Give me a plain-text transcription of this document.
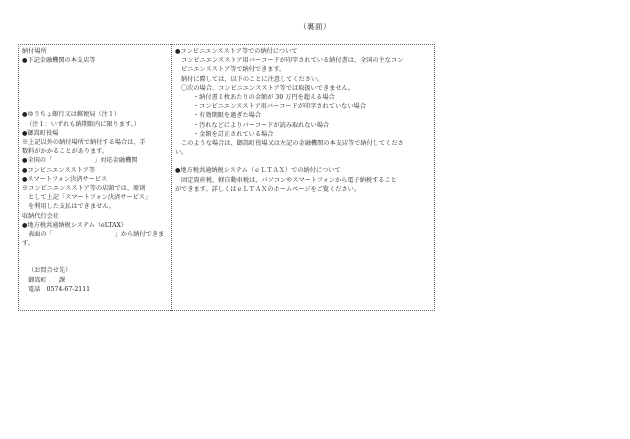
（裏面）
納付場所
●下記金融機関の本支店等
●ゆうちょ銀行又は郵便局（注１）
（注１：いずれも納期限内に限ります。）
●御嵩町役場
※上記以外の納付場所で納付する場合は、手
数料がかかることがあります。
●全国の「	」対応金融機関
●コンビニエンスストア等
●スマートフォン決済サービス
※コンビニエンスストア等の店頭では、原則
として上記「スマートフォン決済サービス」
を利用した支払はできません。
収納代行会社
●地方税共通納税システム（eLTAX）
表面の「	」から納付できま
す。
（お問合せ先）
御嵩町　　課
電話　0574-67-2111
●コンビニエンスストア等での納付について
コンビニエンスストア用バーコードが印字されている納付書は、全国の主なコン
ビニエンスストア等で納付できます。
納付に際しては、以下のことに注意してください。
〇次の場合、コンビニエンスストア等では取扱いできません。
・納付書１枚あたりの金額が 30 万円を超える場合
・コンビニエンスストア用バーコードが印字されていない場合
・有効期限を過ぎた場合
・汚れなどによりバーコードが読み取れない場合
・金額を訂正されている場合
このような場合は、御嵩町役場又は左記の金融機関の本支店等で納付してくださ
い。
●地方税共通納税システム（ｅＬＴＡＸ）での納付について
固定資産税、軽自動車税は、パソコンやスマートフォンから電子納税すること
ができます。詳しくはｅＬＴＡＸのホームページをご覧ください。
